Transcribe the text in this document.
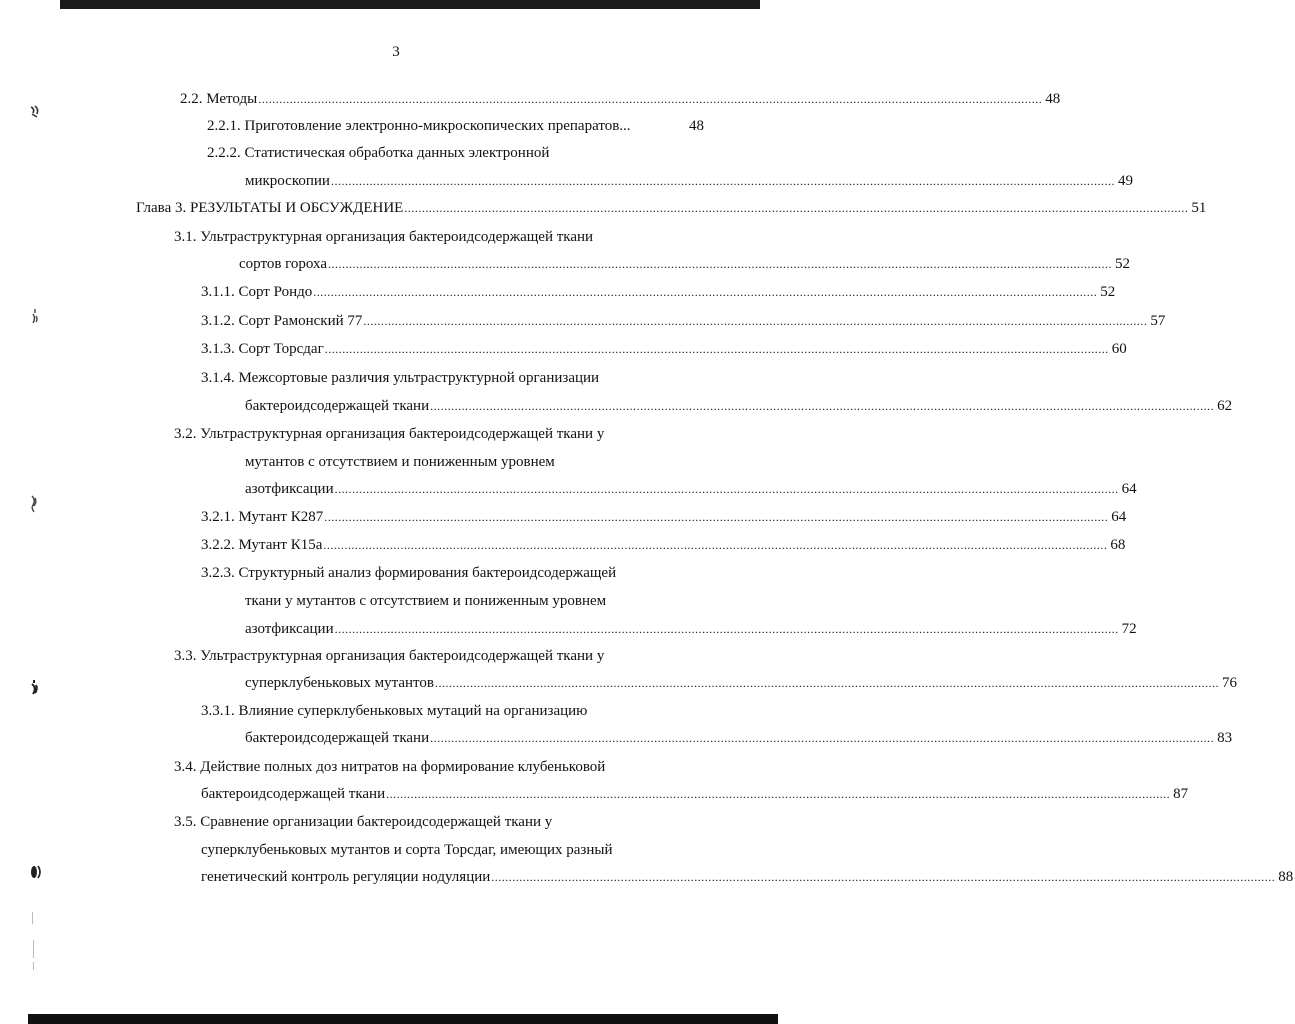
3
2.2. Методы ................................................................................................................................................................................................................................ 48
2.2.1. Приготовление электронно-микроскопических препаратов...	48
2.2.2. Статистическая обработка данных электронной
микроскопии ................................................................................................................................................................................................................................ 49
Глава 3. РЕЗУЛЬТАТЫ И ОБСУЖДЕНИЕ ................................................................................................................................................................................................................................ 51
3.1. Ультраструктурная организация бактероидсодержащей ткани
сортов гороха ................................................................................................................................................................................................................................ 52
3.1.1. Сорт Рондо ................................................................................................................................................................................................................................ 52
3.1.2. Сорт Рамонский 77 ................................................................................................................................................................................................................................ 57
3.1.3. Сорт Торсдаг ................................................................................................................................................................................................................................ 60
3.1.4. Межсортовые различия ультраструктурной организации
бактероидсодержащей ткани ................................................................................................................................................................................................................................ 62
3.2. Ультраструктурная организация бактероидсодержащей ткани у
мутантов с отсутствием и пониженным уровнем
азотфиксации ................................................................................................................................................................................................................................ 64
3.2.1. Мутант К287 ................................................................................................................................................................................................................................ 64
3.2.2. Мутант К15а ................................................................................................................................................................................................................................ 68
3.2.3. Структурный анализ формирования бактероидсодержащей
ткани у мутантов с отсутствием и пониженным уровнем
азотфиксации ................................................................................................................................................................................................................................ 72
3.3. Ультраструктурная организация бактероидсодержащей ткани у
суперклубеньковых мутантов ................................................................................................................................................................................................................................ 76
3.3.1. Влияние суперклубеньковых мутаций на организацию
бактероидсодержащей ткани ................................................................................................................................................................................................................................ 83
3.4. Действие полных доз нитратов на формирование клубеньковой
бактероидсодержащей ткани ................................................................................................................................................................................................................................ 87
3.5. Сравнение организации бактероидсодержащей ткани у
суперклубеньковых мутантов и сорта Торсдаг, имеющих разный
генетический контроль регуляции нодуляции ................................................................................................................................................................................................................................ 88
